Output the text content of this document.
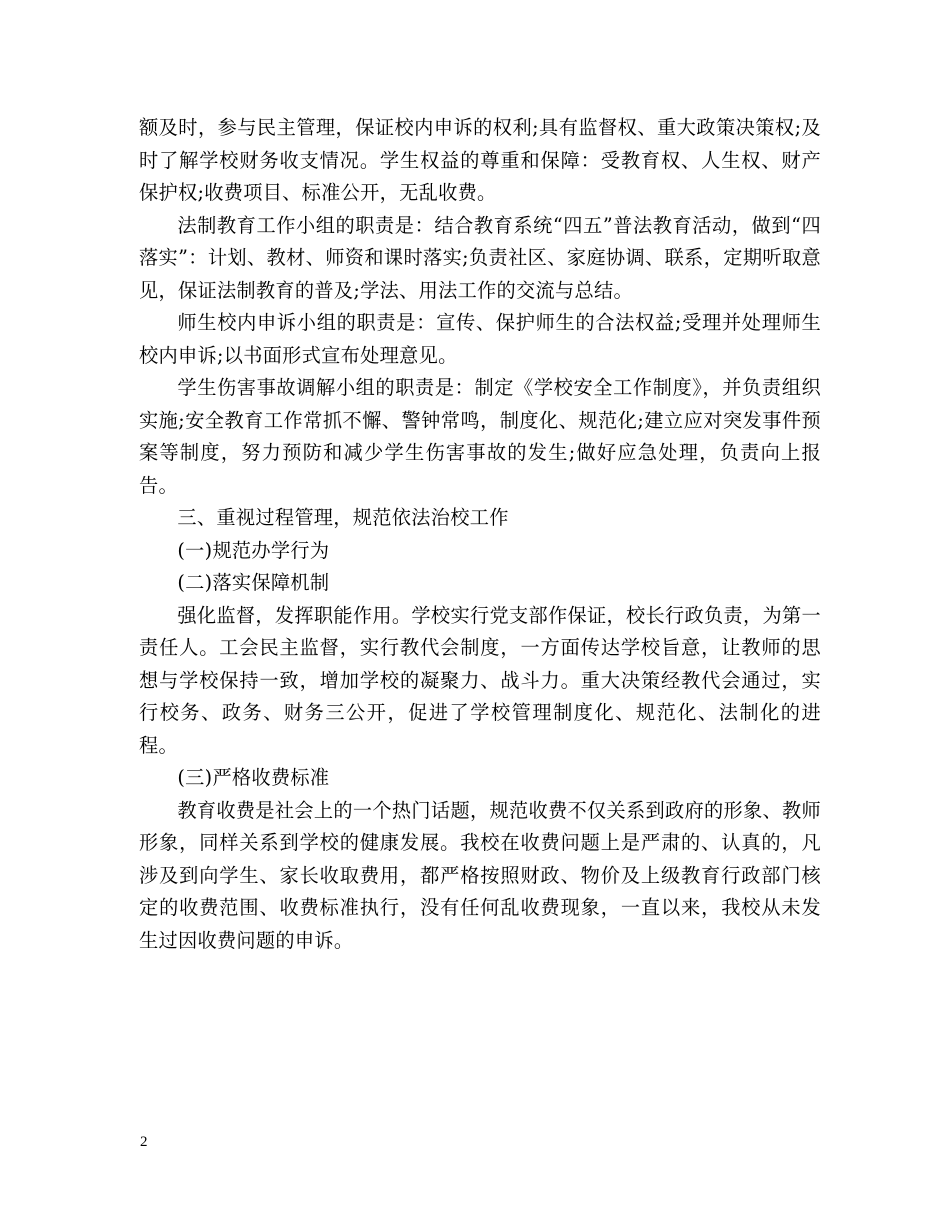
额及时，参与民主管理，保证校内申诉的权利;具有监督权、重大政策决策权;及时了解学校财务收支情况。学生权益的尊重和保障：受教育权、人生权、财产保护权;收费项目、标准公开，无乱收费。

法制教育工作小组的职责是：结合教育系统“四五”普法教育活动，做到“四落实”：计划、教材、师资和课时落实;负责社区、家庭协调、联系，定期听取意见，保证法制教育的普及;学法、用法工作的交流与总结。

师生校内申诉小组的职责是：宣传、保护师生的合法权益;受理并处理师生校内申诉;以书面形式宣布处理意见。

学生伤害事故调解小组的职责是：制定《学校安全工作制度》，并负责组织实施;安全教育工作常抓不懈、警钟常鸣，制度化、规范化;建立应对突发事件预案等制度，努力预防和减少学生伤害事故的发生;做好应急处理，负责向上报告。

三、重视过程管理，规范依法治校工作

(一)规范办学行为

(二)落实保障机制

强化监督，发挥职能作用。学校实行党支部作保证，校长行政负责，为第一责任人。工会民主监督，实行教代会制度，一方面传达学校旨意，让教师的思想与学校保持一致，增加学校的凝聚力、战斗力。重大决策经教代会通过，实行校务、政务、财务三公开，促进了学校管理制度化、规范化、法制化的进程。

(三)严格收费标准

教育收费是社会上的一个热门话题，规范收费不仅关系到政府的形象、教师形象，同样关系到学校的健康发展。我校在收费问题上是严肃的、认真的，凡涉及到向学生、家长收取费用，都严格按照财政、物价及上级教育行政部门核定的收费范围、收费标准执行，没有任何乱收费现象，一直以来，我校从未发生过因收费问题的申诉。

2
